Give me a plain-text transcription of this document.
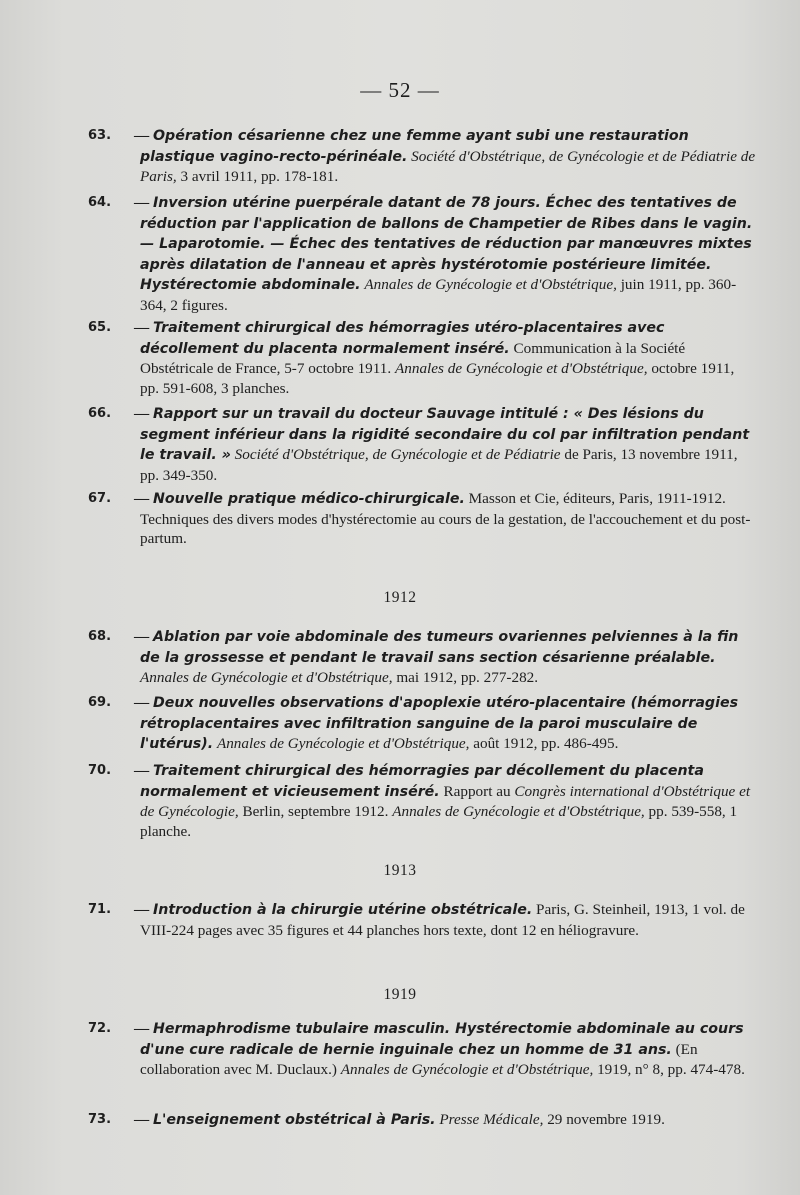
— 52 —
63. — Opération césarienne chez une femme ayant subi une restauration plastique vagino-recto-périnéale. Société d'Obstétrique, de Gynécologie et de Pédiatrie de Paris, 3 avril 1911, pp. 178-181.
64. — Inversion utérine puerpérale datant de 78 jours. Échec des tentatives de réduction par l'application de ballons de Champetier de Ribes dans le vagin. — Laparotomie. — Échec des tentatives de réduction par manœuvres mixtes après dilatation de l'anneau et après hystérotomie postérieure limitée. Hystérectomie abdominale. Annales de Gynécologie et d'Obstétrique, juin 1911, pp. 360-364, 2 figures.
65. — Traitement chirurgical des hémorragies utéro-placentaires avec décollement du placenta normalement inséré. Communication à la Société Obstétricale de France, 5-7 octobre 1911. Annales de Gynécologie et d'Obstétrique, octobre 1911, pp. 591-608, 3 planches.
66. — Rapport sur un travail du docteur Sauvage intitulé : « Des lésions du segment inférieur dans la rigidité secondaire du col par infiltration pendant le travail. » Société d'Obstétrique, de Gynécologie et de Pédiatrie de Paris, 13 novembre 1911, pp. 349-350.
67. — Nouvelle pratique médico-chirurgicale. Masson et Cie, éditeurs, Paris, 1911-1912. Techniques des divers modes d'hystérectomie au cours de la gestation, de l'accouchement et du post-partum.
1912
68. — Ablation par voie abdominale des tumeurs ovariennes pelviennes à la fin de la grossesse et pendant le travail sans section césarienne préalable. Annales de Gynécologie et d'Obstétrique, mai 1912, pp. 277-282.
69. — Deux nouvelles observations d'apoplexie utéro-placentaire (hémorragies rétroplacentaires avec infiltration sanguine de la paroi musculaire de l'utérus). Annales de Gynécologie et d'Obstétrique, août 1912, pp. 486-495.
70. — Traitement chirurgical des hémorragies par décollement du placenta normalement et vicieusement inséré. Rapport au Congrès international d'Obstétrique et de Gynécologie, Berlin, septembre 1912. Annales de Gynécologie et d'Obstétrique, pp. 539-558, 1 planche.
1913
71. — Introduction à la chirurgie utérine obstétricale. Paris, G. Steinheil, 1913, 1 vol. de VIII-224 pages avec 35 figures et 44 planches hors texte, dont 12 en héliogravure.
1919
72. — Hermaphrodisme tubulaire masculin. Hystérectomie abdominale au cours d'une cure radicale de hernie inguinale chez un homme de 31 ans. (En collaboration avec M. Duclaux.) Annales de Gynécologie et d'Obstétrique, 1919, n° 8, pp. 474-478.
73. — L'enseignement obstétrical à Paris. Presse Médicale, 29 novembre 1919.
